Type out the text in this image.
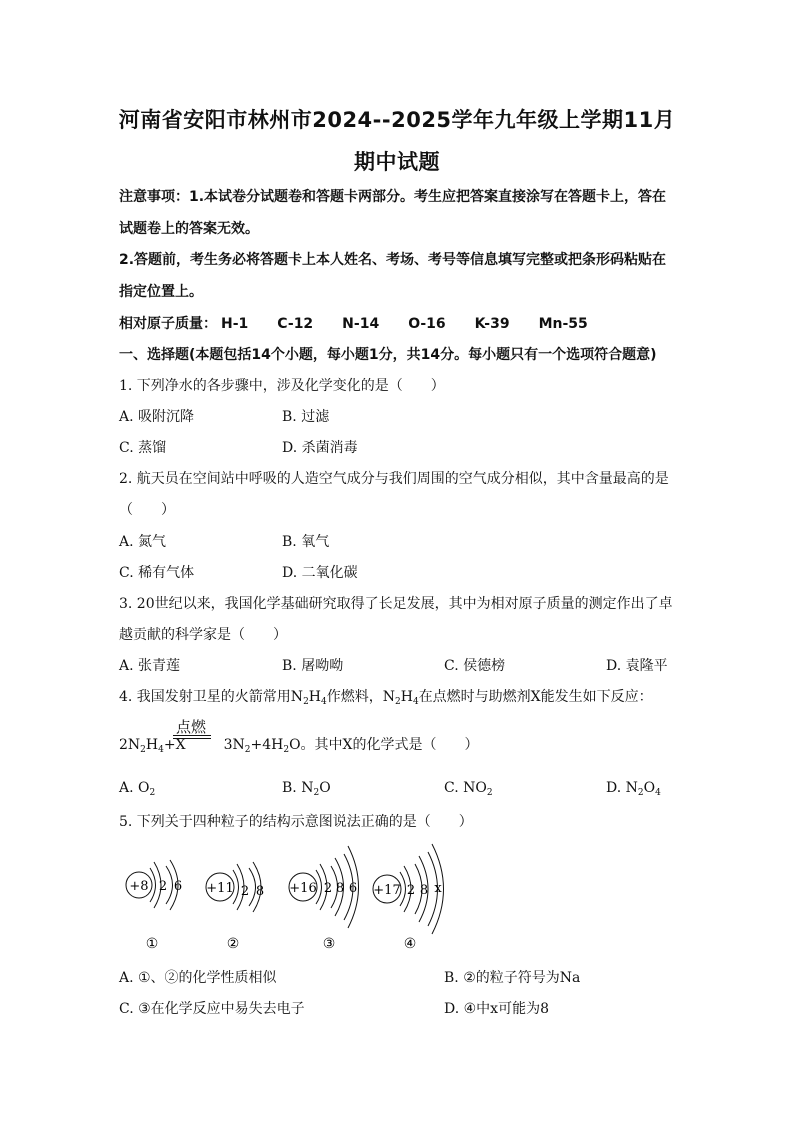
河南省安阳市林州市2024--2025学年九年级上学期11月
期中试题
注意事项：1.本试卷分试题卷和答题卡两部分。考生应把答案直接涂写在答题卡上，答在
试题卷上的答案无效。
2.答题前，考生务必将答题卡上本人姓名、考场、考号等信息填写完整或把条形码粘贴在
指定位置上。
相对原子质量： H-1 C-12 N-14 O-16 K-39 Mn-55
一、选择题(本题包括14个小题，每小题1分，共14分。每小题只有一个选项符合题意)
1. 下列净水的各步骤中，涉及化学变化的是（　　）
A. 吸附沉降	B. 过滤
C. 蒸馏	D. 杀菌消毒
2. 航天员在空间站中呼吸的人造空气成分与我们周围的空气成分相似，其中含量最高的是
（　　）
A. 氮气	B. 氧气
C. 稀有气体	D. 二氧化碳
3. 20世纪以来，我国化学基础研究取得了长足发展，其中为相对原子质量的测定作出了卓
越贡献的科学家是（　　）
A. 张青莲	B. 屠呦呦	C. 侯德榜	D. 袁隆平
4. 我国发射卫星的火箭常用$N_2H_4$作燃料，$N_2H_4$在点燃时与助燃剂X能发生如下反应：
点燃
$2N_2H_4+X$	$3N_2+4H_2O$。其中X的化学式是（　　）
A. $O_2$	B. $N_2O$	C. $NO_2$	D. $N_2O_4$
5. 下列关于四种粒子的结构示意图说法正确的是（　　）
+8 2 6
①
+11 2 8
②
+16 2 8 6
③
+17 2 8 x
④
A. ①、②的化学性质相似	B. ②的粒子符号为Na
C. ③在化学反应中易失去电子	D. ④中x可能为8
